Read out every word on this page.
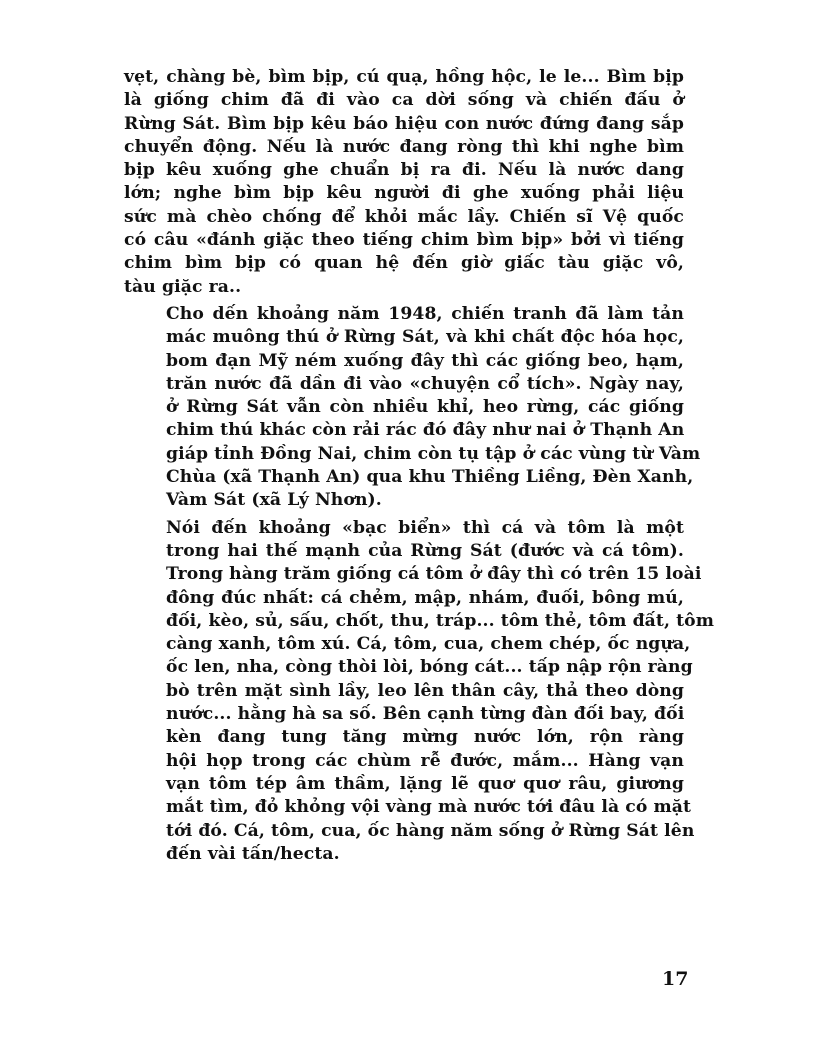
vẹt, chàng bè, bìm bịp, cú quạ, hồng hộc, le le... Bìm bịp
là giống chim đã đi vào ca dời sống và chiến đấu ở
Rừng Sát. Bìm bịp kêu báo hiệu con nước đứng đang sắp
chuyển động. Nếu là nước đang ròng thì khi nghe bìm
bịp kêu xuống ghe chuẩn bị ra đi. Nếu là nước dang
lớn; nghe bìm bịp kêu người đi ghe xuống phải liệu
sức mà chèo chống để khỏi mắc lầy. Chiến sĩ Vệ quốc
có câu «đánh giặc theo tiếng chim bìm bịp» bởi vì tiếng
chim bìm bịp có quan hệ đến giờ giấc tàu giặc vô,
tàu giặc ra..

Cho dến khoảng năm 1948, chiến tranh đã làm tản
mác muông thú ở Rừng Sát, và khi chất độc hóa học,
bom đạn Mỹ ném xuống đây thì các giống beo, hạm,
trăn nước đã dần đi vào «chuyện cổ tích». Ngày nay,
ở Rừng Sát vẫn còn nhiều khỉ, heo rừng, các giống
chim thú khác còn rải rác đó đây như nai ở Thạnh An
giáp tỉnh Đồng Nai, chim còn tụ tập ở các vùng từ Vàm
Chùa (xã Thạnh An) qua khu Thiềng Liềng, Đèn Xanh,
Vàm Sát (xã Lý Nhơn).

Nói đến khoảng «bạc biển» thì cá và tôm là một
trong hai thế mạnh của Rừng Sát (đước và cá tôm).
Trong hàng trăm giống cá tôm ở đây thì có trên 15 loài
đông đúc nhất: cá chẻm, mập, nhám, đuối, bông mú,
đối, kèo, sủ, sấu, chốt, thu, tráp... tôm thẻ, tôm đất, tôm
càng xanh, tôm xú. Cá, tôm, cua, chem chép, ốc ngựa,
ốc len, nha, còng thòi lòi, bóng cát... tấp nập rộn ràng
bò trên mặt sình lầy, leo lên thân cây, thả theo dòng
nước... hằng hà sa số. Bên cạnh từng đàn đối bay, đối
kèn đang tung tăng mừng nước lớn, rộn ràng
hội họp trong các chùm rễ đước, mắm... Hàng vạn
vạn tôm tép âm thầm, lặng lẽ quơ quơ râu, giương
mắt tìm, đỏ khỏng vội vàng mà nước tới đâu là có mặt
tới đó. Cá, tôm, cua, ốc hàng năm sống ở Rừng Sát lên
đến vài tấn/hecta.

17
